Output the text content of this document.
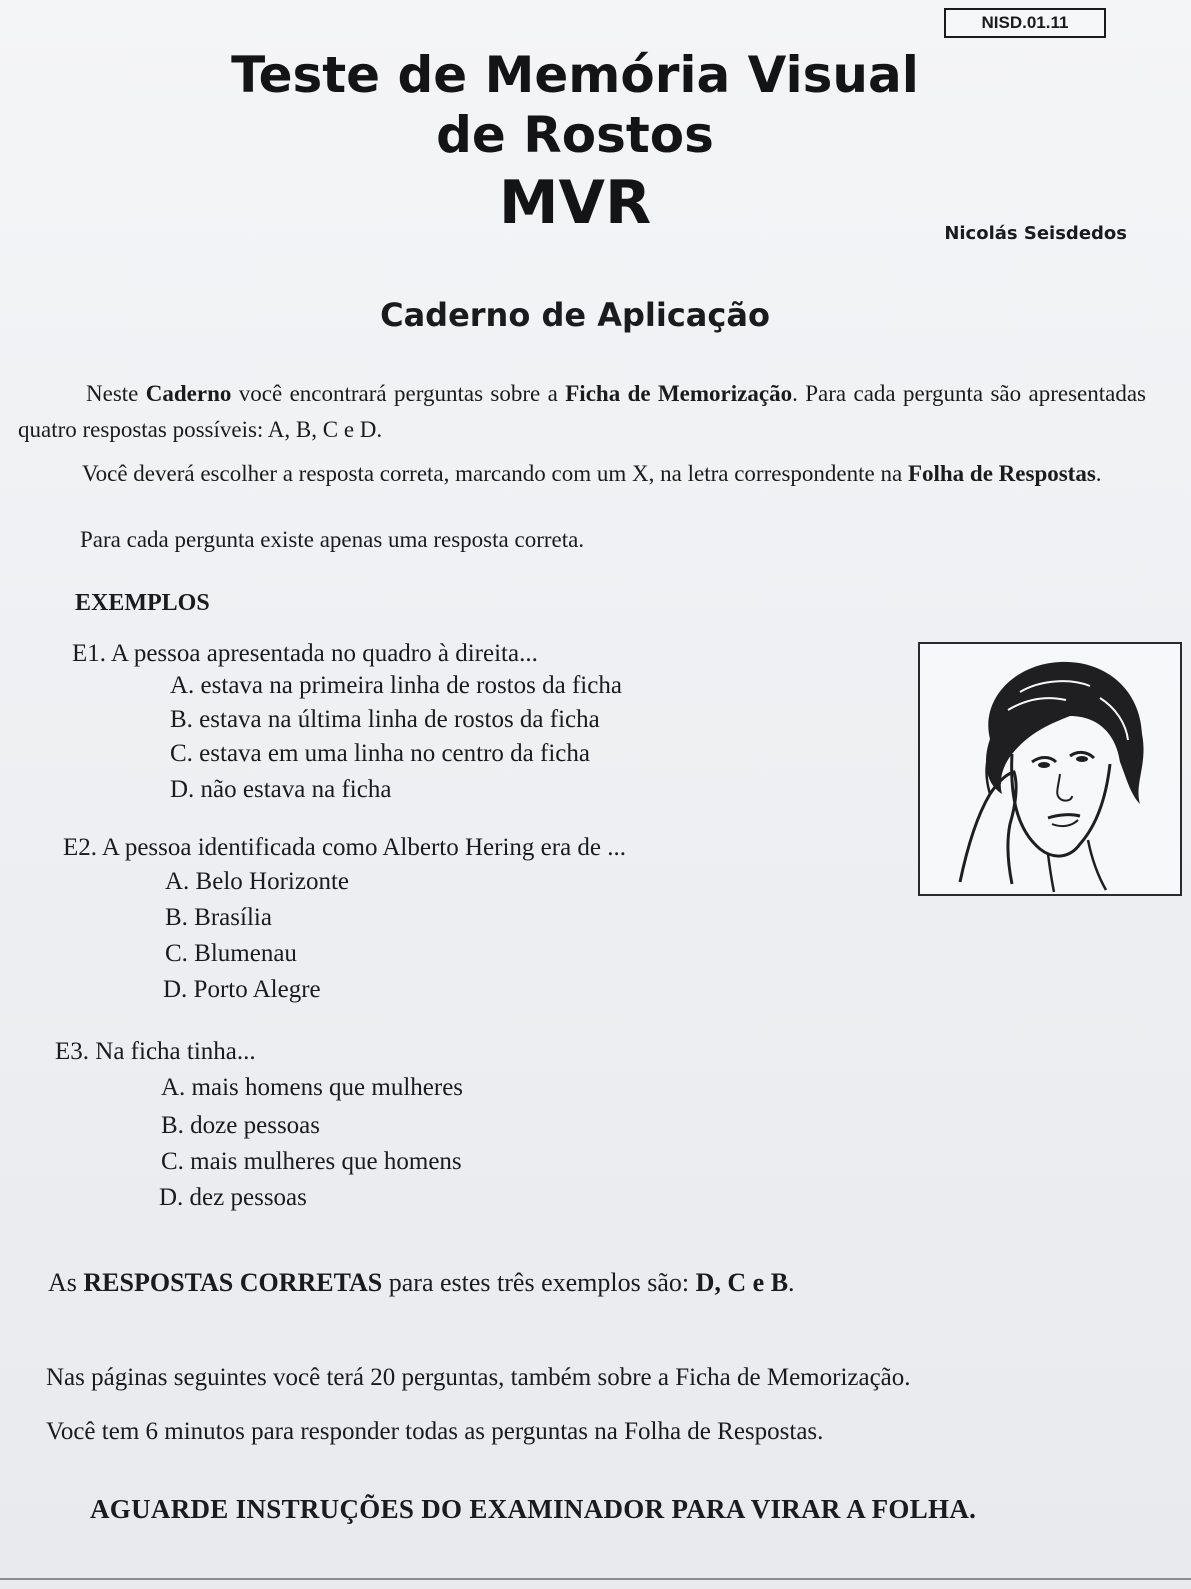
NISD.01.11
Teste de Memória Visual
de Rostos
MVR	Nicolás Seisdedos
Caderno de Aplicação
Neste Caderno você encontrará perguntas sobre a Ficha de Memorização. Para cada pergunta são apresentadas quatro respostas possíveis: A, B, C e D.
Você deverá escolher a resposta correta, marcando com um X, na letra correspondente na Folha de Respostas.
Para cada pergunta existe apenas uma resposta correta.
EXEMPLOS
E1. A pessoa apresentada no quadro à direita...
A. estava na primeira linha de rostos da ficha
B. estava na última linha de rostos da ficha
C. estava em uma linha no centro da ficha
D. não estava na ficha
E2. A pessoa identificada como Alberto Hering era de ...
A. Belo Horizonte
B. Brasília
C. Blumenau
D. Porto Alegre
E3. Na ficha tinha...
A. mais homens que mulheres
B. doze pessoas
C. mais mulheres que homens
D. dez pessoas
As RESPOSTAS CORRETAS para estes três exemplos são: D, C e B.
Nas páginas seguintes você terá 20 perguntas, também sobre a Ficha de Memorização.
Você tem 6 minutos para responder todas as perguntas na Folha de Respostas.
AGUARDE INSTRUÇÕES DO EXAMINADOR PARA VIRAR A FOLHA.
